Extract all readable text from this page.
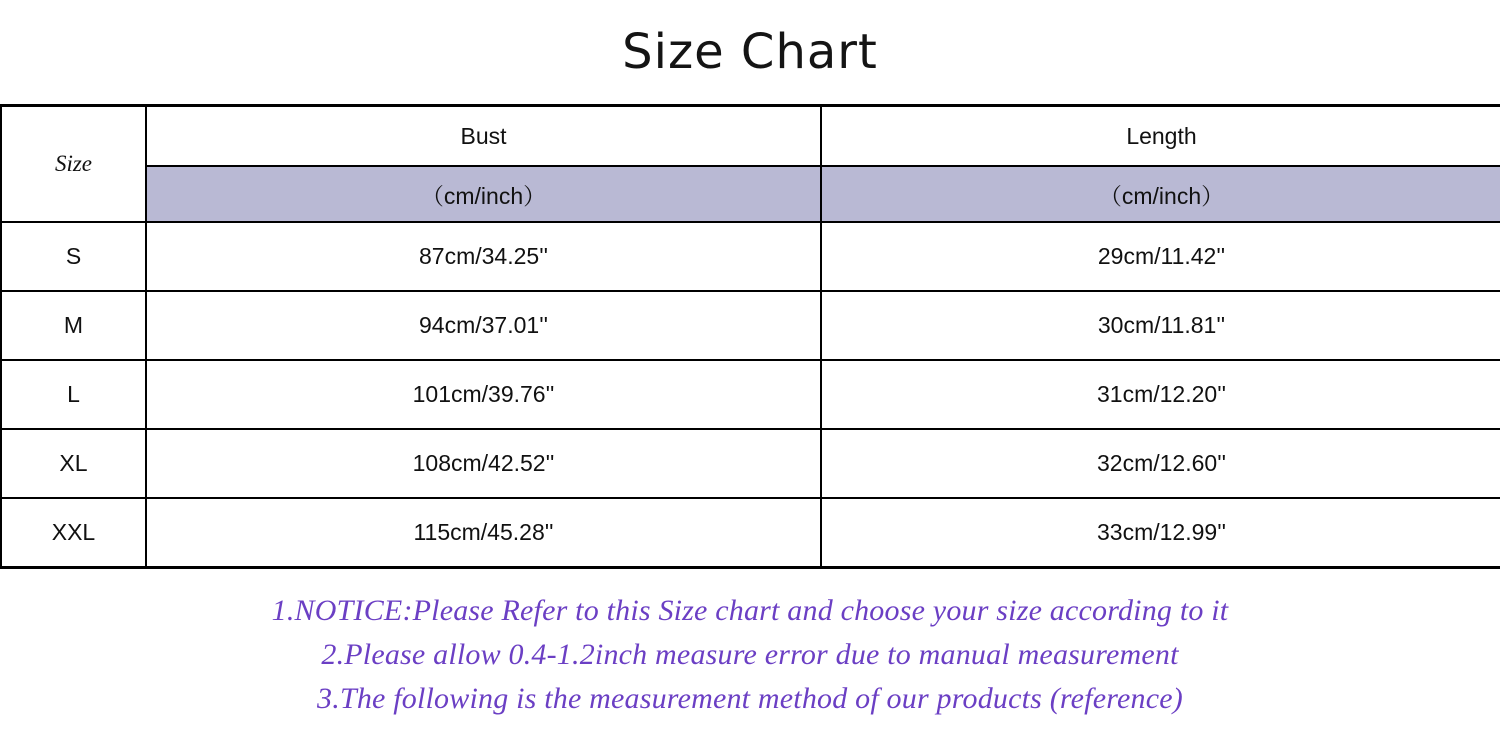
Size Chart
Size	Bust	Length
	（cm/inch）	（cm/inch）
S	87cm/34.25''	29cm/11.42''
M	94cm/37.01''	30cm/11.81''
L	101cm/39.76''	31cm/12.20''
XL	108cm/42.52''	32cm/12.60''
XXL	115cm/45.28''	33cm/12.99''
1.NOTICE:Please Refer to this Size chart and choose your size according to it
2.Please allow 0.4-1.2inch measure error due to manual measurement
3.The following is the measurement method of our products (reference)
